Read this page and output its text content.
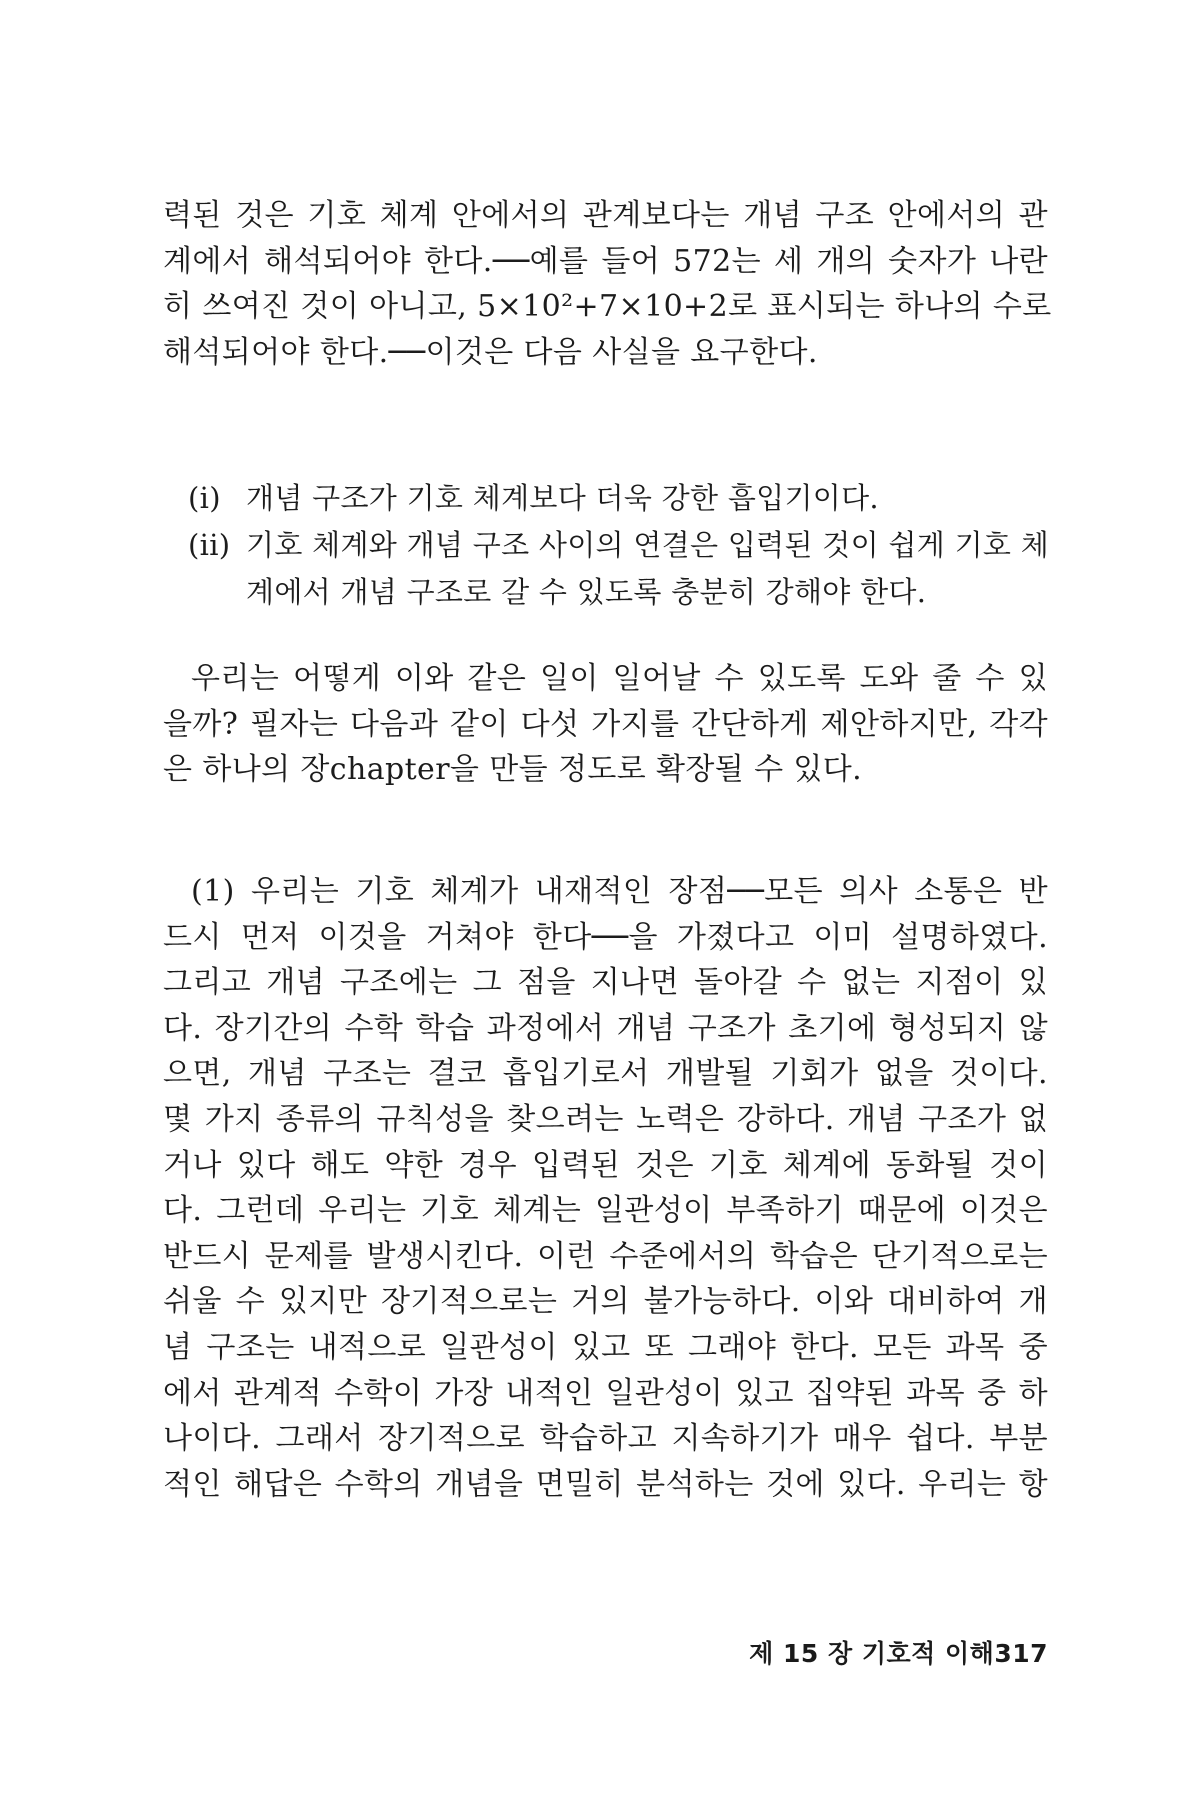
력된 것은 기호 체계 안에서의 관계보다는 개념 구조 안에서의 관
계에서 해석되어야 한다.──예를 들어 572는 세 개의 숫자가 나란
히 쓰여진 것이 아니고, 5×10²+7×10+2로 표시되는 하나의 수로
해석되어야 한다.──이것은 다음 사실을 요구한다.
(i) 개념 구조가 기호 체계보다 더욱 강한 흡입기이다.
(ii) 기호 체계와 개념 구조 사이의 연결은 입력된 것이 쉽게 기호 체
계에서 개념 구조로 갈 수 있도록 충분히 강해야 한다.
우리는 어떻게 이와 같은 일이 일어날 수 있도록 도와 줄 수 있
을까? 필자는 다음과 같이 다섯 가지를 간단하게 제안하지만, 각각
은 하나의 장chapter을 만들 정도로 확장될 수 있다.
(1) 우리는 기호 체계가 내재적인 장점──모든 의사 소통은 반
드시 먼저 이것을 거쳐야 한다──을 가졌다고 이미 설명하였다.
그리고 개념 구조에는 그 점을 지나면 돌아갈 수 없는 지점이 있
다. 장기간의 수학 학습 과정에서 개념 구조가 초기에 형성되지 않
으면, 개념 구조는 결코 흡입기로서 개발될 기회가 없을 것이다.
몇 가지 종류의 규칙성을 찾으려는 노력은 강하다. 개념 구조가 없
거나 있다 해도 약한 경우 입력된 것은 기호 체계에 동화될 것이
다. 그런데 우리는 기호 체계는 일관성이 부족하기 때문에 이것은
반드시 문제를 발생시킨다. 이런 수준에서의 학습은 단기적으로는
쉬울 수 있지만 장기적으로는 거의 불가능하다. 이와 대비하여 개
념 구조는 내적으로 일관성이 있고 또 그래야 한다. 모든 과목 중
에서 관계적 수학이 가장 내적인 일관성이 있고 집약된 과목 중 하
나이다. 그래서 장기적으로 학습하고 지속하기가 매우 쉽다. 부분
적인 해답은 수학의 개념을 면밀히 분석하는 것에 있다. 우리는 항
제 15 장 기호적 이해317
